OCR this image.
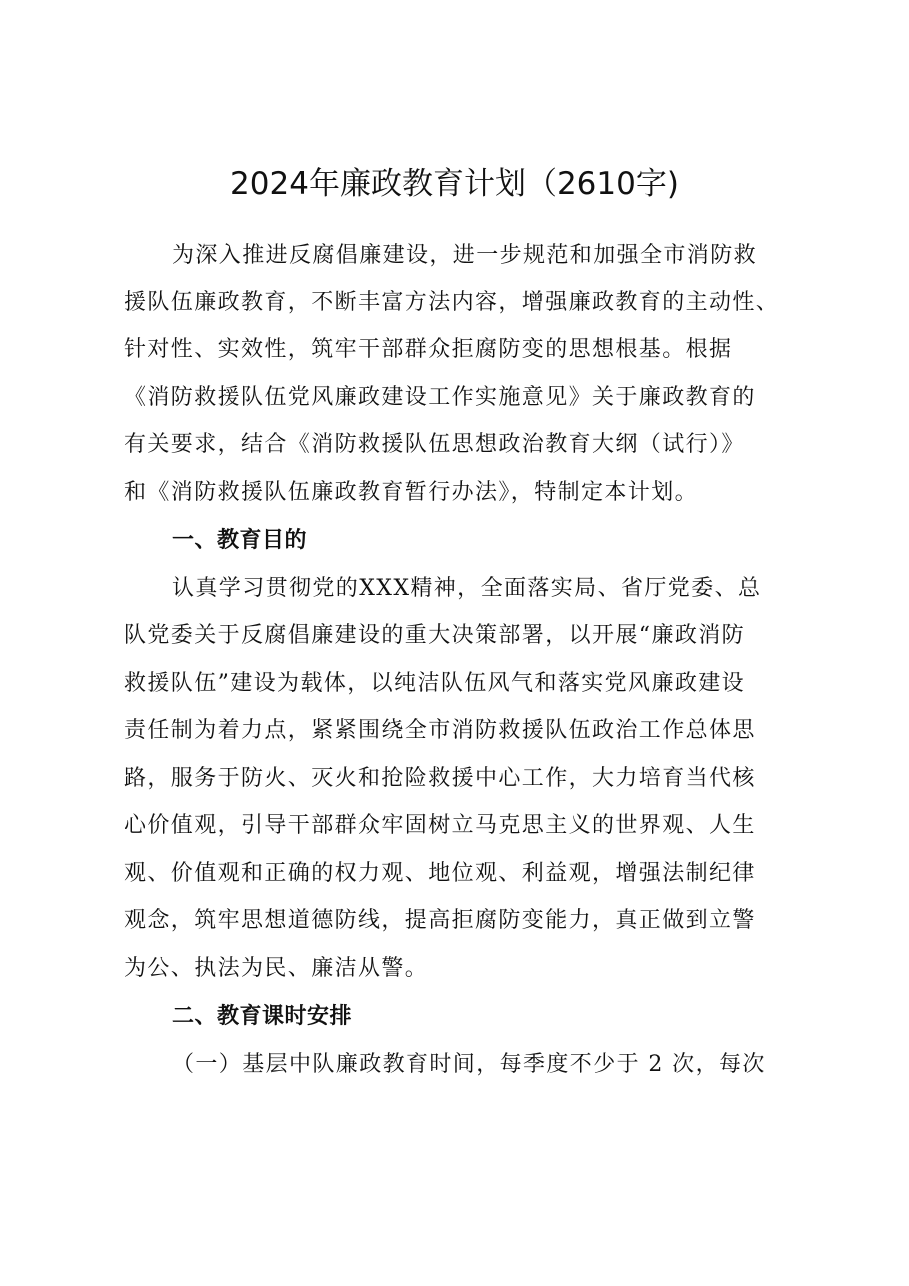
2024年廉政教育计划（2610字)
为深入推进反腐倡廉建设，进一步规范和加强全市消防救
援队伍廉政教育，不断丰富方法内容，增强廉政教育的主动性、
针对性、实效性，筑牢干部群众拒腐防变的思想根基。根据
《消防救援队伍党风廉政建设工作实施意见》关于廉政教育的
有关要求，结合《消防救援队伍思想政治教育大纲（试行）》
和《消防救援队伍廉政教育暂行办法》，特制定本计划。
一、教育目的
认真学习贯彻党的XXX精神，全面落实局、省厅党委、总
队党委关于反腐倡廉建设的重大决策部署，以开展“廉政消防
救援队伍”建设为载体，以纯洁队伍风气和落实党风廉政建设
责任制为着力点，紧紧围绕全市消防救援队伍政治工作总体思
路，服务于防火、灭火和抢险救援中心工作，大力培育当代核
心价值观，引导干部群众牢固树立马克思主义的世界观、人生
观、价值观和正确的权力观、地位观、利益观，增强法制纪律
观念，筑牢思想道德防线，提高拒腐防变能力，真正做到立警
为公、执法为民、廉洁从警。
二、教育课时安排
（一）基层中队廉政教育时间，每季度不少于 2 次，每次
